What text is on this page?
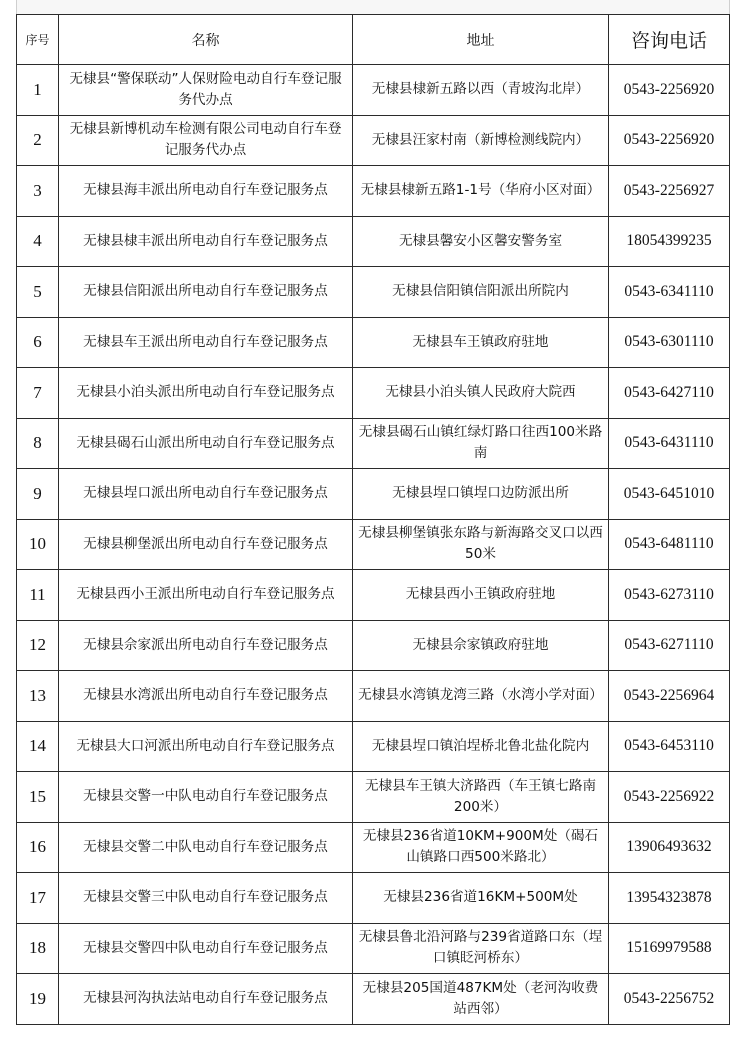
序号	名称	地址	咨询电话
1	无棣县“警保联动”人保财险电动自行车登记服务代办点	无棣县棣新五路以西（青坡沟北岸）	0543-2256920
2	无棣县新博机动车检测有限公司电动自行车登记服务代办点	无棣县汪家村南（新博检测线院内）	0543-2256920
3	无棣县海丰派出所电动自行车登记服务点	无棣县棣新五路1-1号（华府小区对面）	0543-2256927
4	无棣县棣丰派出所电动自行车登记服务点	无棣县馨安小区馨安警务室	18054399235
5	无棣县信阳派出所电动自行车登记服务点	无棣县信阳镇信阳派出所院内	0543-6341110
6	无棣县车王派出所电动自行车登记服务点	无棣县车王镇政府驻地	0543-6301110
7	无棣县小泊头派出所电动自行车登记服务点	无棣县小泊头镇人民政府大院西	0543-6427110
8	无棣县碣石山派出所电动自行车登记服务点	无棣县碣石山镇红绿灯路口往西100米路南	0543-6431110
9	无棣县埕口派出所电动自行车登记服务点	无棣县埕口镇埕口边防派出所	0543-6451010
10	无棣县柳堡派出所电动自行车登记服务点	无棣县柳堡镇张东路与新海路交叉口以西50米	0543-6481110
11	无棣县西小王派出所电动自行车登记服务点	无棣县西小王镇政府驻地	0543-6273110
12	无棣县佘家派出所电动自行车登记服务点	无棣县佘家镇政府驻地	0543-6271110
13	无棣县水湾派出所电动自行车登记服务点	无棣县水湾镇龙湾三路（水湾小学对面）	0543-2256964
14	无棣县大口河派出所电动自行车登记服务点	无棣县埕口镇泊埕桥北鲁北盐化院内	0543-6453110
15	无棣县交警一中队电动自行车登记服务点	无棣县车王镇大济路西（车王镇七路南200米）	0543-2256922
16	无棣县交警二中队电动自行车登记服务点	无棣县236省道10KM+900M处（碣石山镇路口西500米路北）	13906493632
17	无棣县交警三中队电动自行车登记服务点	无棣县236省道16KM+500M处	13954323878
18	无棣县交警四中队电动自行车登记服务点	无棣县鲁北沿河路与239省道路口东（埕口镇眨河桥东）	15169979588
19	无棣县河沟执法站电动自行车登记服务点	无棣县205国道487KM处（老河沟收费站西邻）	0543-2256752
